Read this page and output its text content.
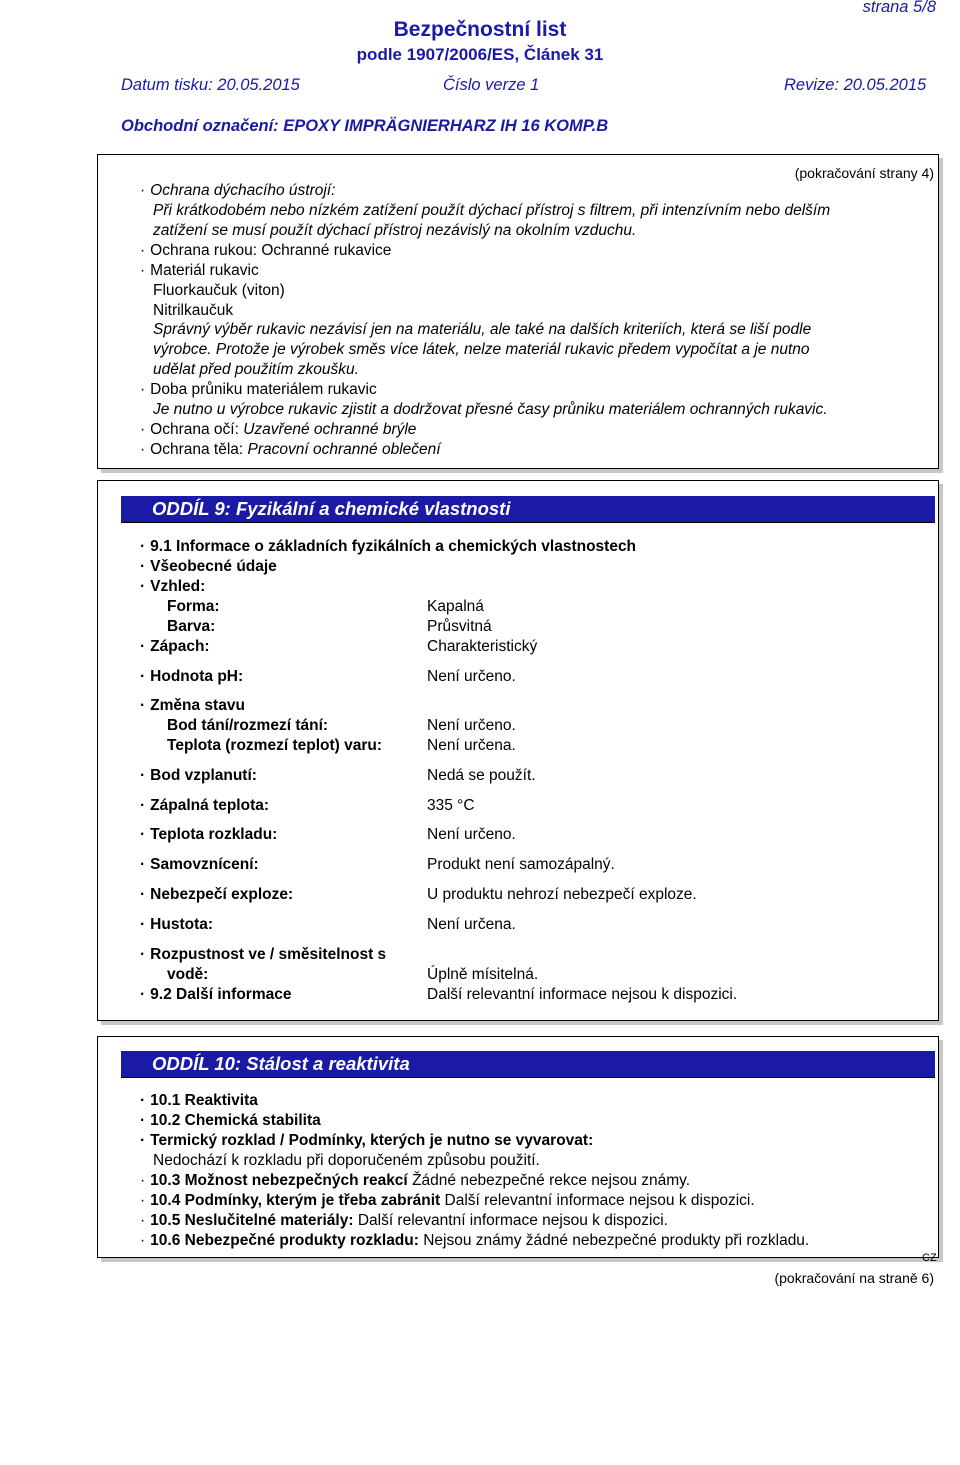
strana 5/8
Bezpečnostní list
podle 1907/2006/ES, Článek 31
Datum tisku: 20.05.2015	Číslo verze 1	Revize: 20.05.2015
Obchodní označení: EPOXY IMPRÄGNIERHARZ IH 16 KOMP.B
(pokračování strany 4)
· Ochrana dýchacího ústrojí:
Při krátkodobém nebo nízkém zatížení použít dýchací přístroj s filtrem, při intenzívním nebo delším
zatížení se musí použít dýchací přístroj nezávislý na okolním vzduchu.
· Ochrana rukou: Ochranné rukavice
· Materiál rukavic
Fluorkaučuk (viton)
Nitrilkaučuk
Správný výběr rukavic nezávisí jen na materiálu, ale také na dalších kriteriích, která se liší podle
výrobce. Protože je výrobek směs více látek, nelze materiál rukavic předem vypočítat a je nutno
udělat před použitím zkoušku.
· Doba průniku materiálem rukavic
Je nutno u výrobce rukavic zjistit a dodržovat přesné časy průniku materiálem ochranných rukavic.
· Ochrana očí: Uzavřené ochranné brýle
· Ochrana těla: Pracovní ochranné oblečení
ODDÍL 9: Fyzikální a chemické vlastnosti
· 9.1 Informace o základních fyzikálních a chemických vlastnostech
· Všeobecné údaje
· Vzhled:
Forma:	Kapalná
Barva:	Průsvitná
· Zápach:	Charakteristický
· Hodnota pH:	Není určeno.
· Změna stavu
Bod tání/rozmezí tání:	Není určeno.
Teplota (rozmezí teplot) varu:	Není určena.
· Bod vzplanutí:	Nedá se použít.
· Zápalná teplota:	335 °C
· Teplota rozkladu:	Není určeno.
· Samovznícení:	Produkt není samozápalný.
· Nebezpečí exploze:	U produktu nehrozí nebezpečí exploze.
· Hustota:	Není určena.
· Rozpustnost ve / směsitelnost s
vodě:	Úplně mísitelná.
· 9.2 Další informace	Další relevantní informace nejsou k dispozici.
ODDÍL 10: Stálost a reaktivita
· 10.1 Reaktivita
· 10.2 Chemická stabilita
· Termický rozklad / Podmínky, kterých je nutno se vyvarovat:
Nedochází k rozkladu při doporučeném způsobu použití.
· 10.3 Možnost nebezpečných reakcí Žádné nebezpečné rekce nejsou známy.
· 10.4 Podmínky, kterým je třeba zabránit Další relevantní informace nejsou k dispozici.
· 10.5 Neslučitelné materiály: Další relevantní informace nejsou k dispozici.
· 10.6 Nebezpečné produkty rozkladu: Nejsou známy žádné nebezpečné produkty při rozkladu.
CZ
(pokračování na straně 6)
